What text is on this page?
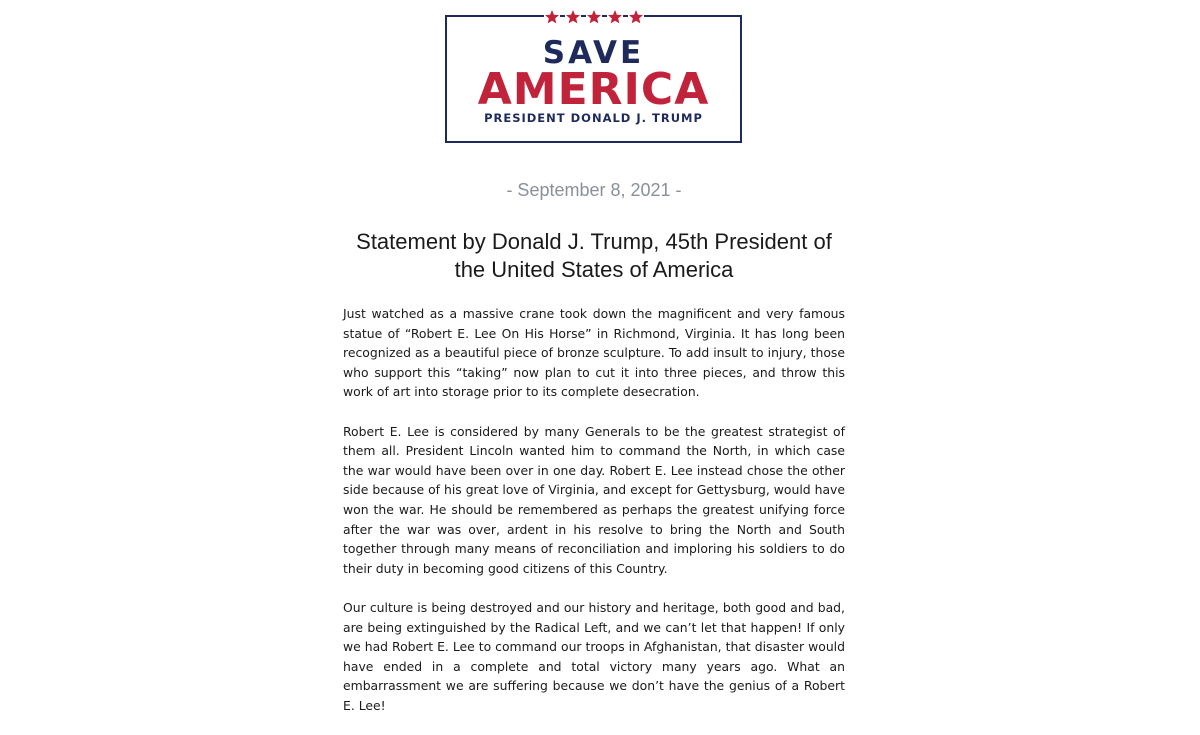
SAVE
AMERICA
PRESIDENT DONALD J. TRUMP
- September 8, 2021 -
Statement by Donald J. Trump, 45th President of the United States of America

Just watched as a massive crane took down the magnificent and very famous statue of “Robert E. Lee On His Horse” in Richmond, Virginia. It has long been recognized as a beautiful piece of bronze sculpture. To add insult to injury, those who support this “taking” now plan to cut it into three pieces, and throw this work of art into storage prior to its complete desecration.

Robert E. Lee is considered by many Generals to be the greatest strategist of them all. President Lincoln wanted him to command the North, in which case the war would have been over in one day. Robert E. Lee instead chose the other side because of his great love of Virginia, and except for Gettysburg, would have won the war. He should be remembered as perhaps the greatest unifying force after the war was over, ardent in his resolve to bring the North and South together through many means of reconciliation and imploring his soldiers to do their duty in becoming good citizens of this Country.

Our culture is being destroyed and our history and heritage, both good and bad, are being extinguished by the Radical Left, and we can’t let that happen! If only we had Robert E. Lee to command our troops in Afghanistan, that disaster would have ended in a complete and total victory many years ago. What an embarrassment we are suffering because we don’t have the genius of a Robert E. Lee!
